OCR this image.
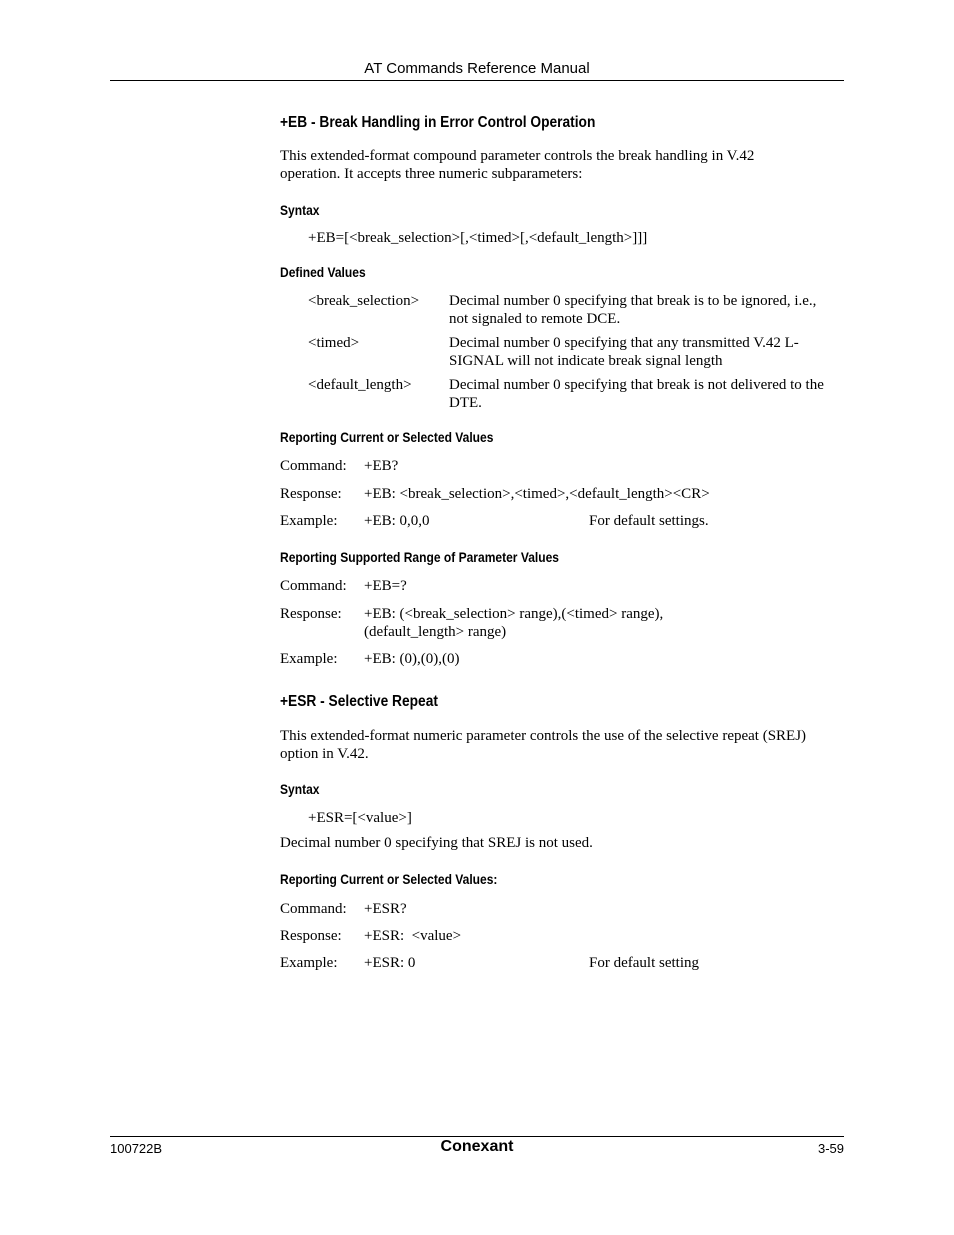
AT Commands Reference Manual
+EB - Break Handling in Error Control Operation
This extended-format compound parameter controls the break handling in V.42
operation. It accepts three numeric subparameters:
Syntax
+EB=[<break_selection>[,<timed>[,<default_length>]]]
Defined Values
<break_selection> Decimal number 0 specifying that break is to be ignored, i.e.,
not signaled to remote DCE.
<timed>	Decimal number 0 specifying that any transmitted V.42 L-
SIGNAL will not indicate break signal length
<default_length> Decimal number 0 specifying that break is not delivered to the
DTE.
Reporting Current or Selected Values
Command: +EB?
Response: +EB: <break_selection>,<timed>,<default_length><CR>
Example: +EB: 0,0,0	For default settings.
Reporting Supported Range of Parameter Values
Command: +EB=?
Response: +EB: (<break_selection> range),(<timed> range),
(default_length> range)
Example: +EB: (0),(0),(0)
+ESR - Selective Repeat
This extended-format numeric parameter controls the use of the selective repeat (SREJ)
option in V.42.
Syntax
+ESR=[<value>]
Decimal number 0 specifying that SREJ is not used.
Reporting Current or Selected Values:
Command: +ESR?
Response: +ESR:  <value>
Example: +ESR: 0	For default setting
100722B	Conexant	3-59
